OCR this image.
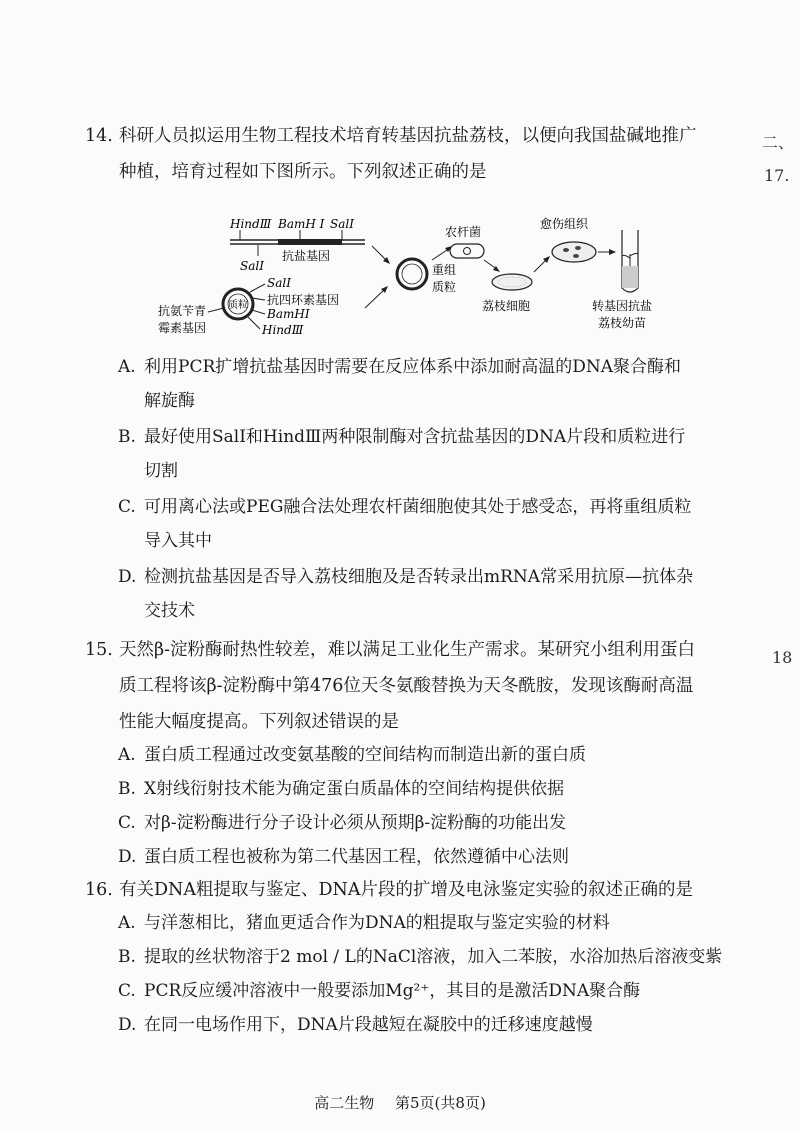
二、
17.
18
14. 科研人员拟运用生物工程技术培育转基因抗盐荔枝，以便向我国盐碱地推广
种植，培育过程如下图所示。下列叙述正确的是
HindⅢ BamH I SalⅠ
抗盐基因
SalⅠ
质粒
SalⅠ
抗四环素基因
BamHⅠ
HindⅢ
抗氨苄青
霉素基因
重组
质粒
农杆菌
荔枝细胞
愈伤组织
转基因抗盐
荔枝幼苗
A. 利用PCR扩增抗盐基因时需要在反应体系中添加耐高温的DNA聚合酶和
解旋酶
B. 最好使用SalⅠ和HindⅢ两种限制酶对含抗盐基因的DNA片段和质粒进行
切割
C. 可用离心法或PEG融合法处理农杆菌细胞使其处于感受态，再将重组质粒
导入其中
D. 检测抗盐基因是否导入荔枝细胞及是否转录出mRNA常采用抗原—抗体杂
交技术
15. 天然β-淀粉酶耐热性较差，难以满足工业化生产需求。某研究小组利用蛋白
质工程将该β-淀粉酶中第476位天冬氨酸替换为天冬酰胺，发现该酶耐高温
性能大幅度提高。下列叙述错误的是
A. 蛋白质工程通过改变氨基酸的空间结构而制造出新的蛋白质
B. X射线衍射技术能为确定蛋白质晶体的空间结构提供依据
C. 对β-淀粉酶进行分子设计必须从预期β-淀粉酶的功能出发
D. 蛋白质工程也被称为第二代基因工程，依然遵循中心法则
16. 有关DNA粗提取与鉴定、DNA片段的扩增及电泳鉴定实验的叙述正确的是
A. 与洋葱相比，猪血更适合作为DNA的粗提取与鉴定实验的材料
B. 提取的丝状物溶于2 mol / L的NaCl溶液，加入二苯胺，水浴加热后溶液变紫
C. PCR反应缓冲溶液中一般要添加Mg²⁺，其目的是激活DNA聚合酶
D. 在同一电场作用下，DNA片段越短在凝胶中的迁移速度越慢
高二生物 第5页(共8页)
